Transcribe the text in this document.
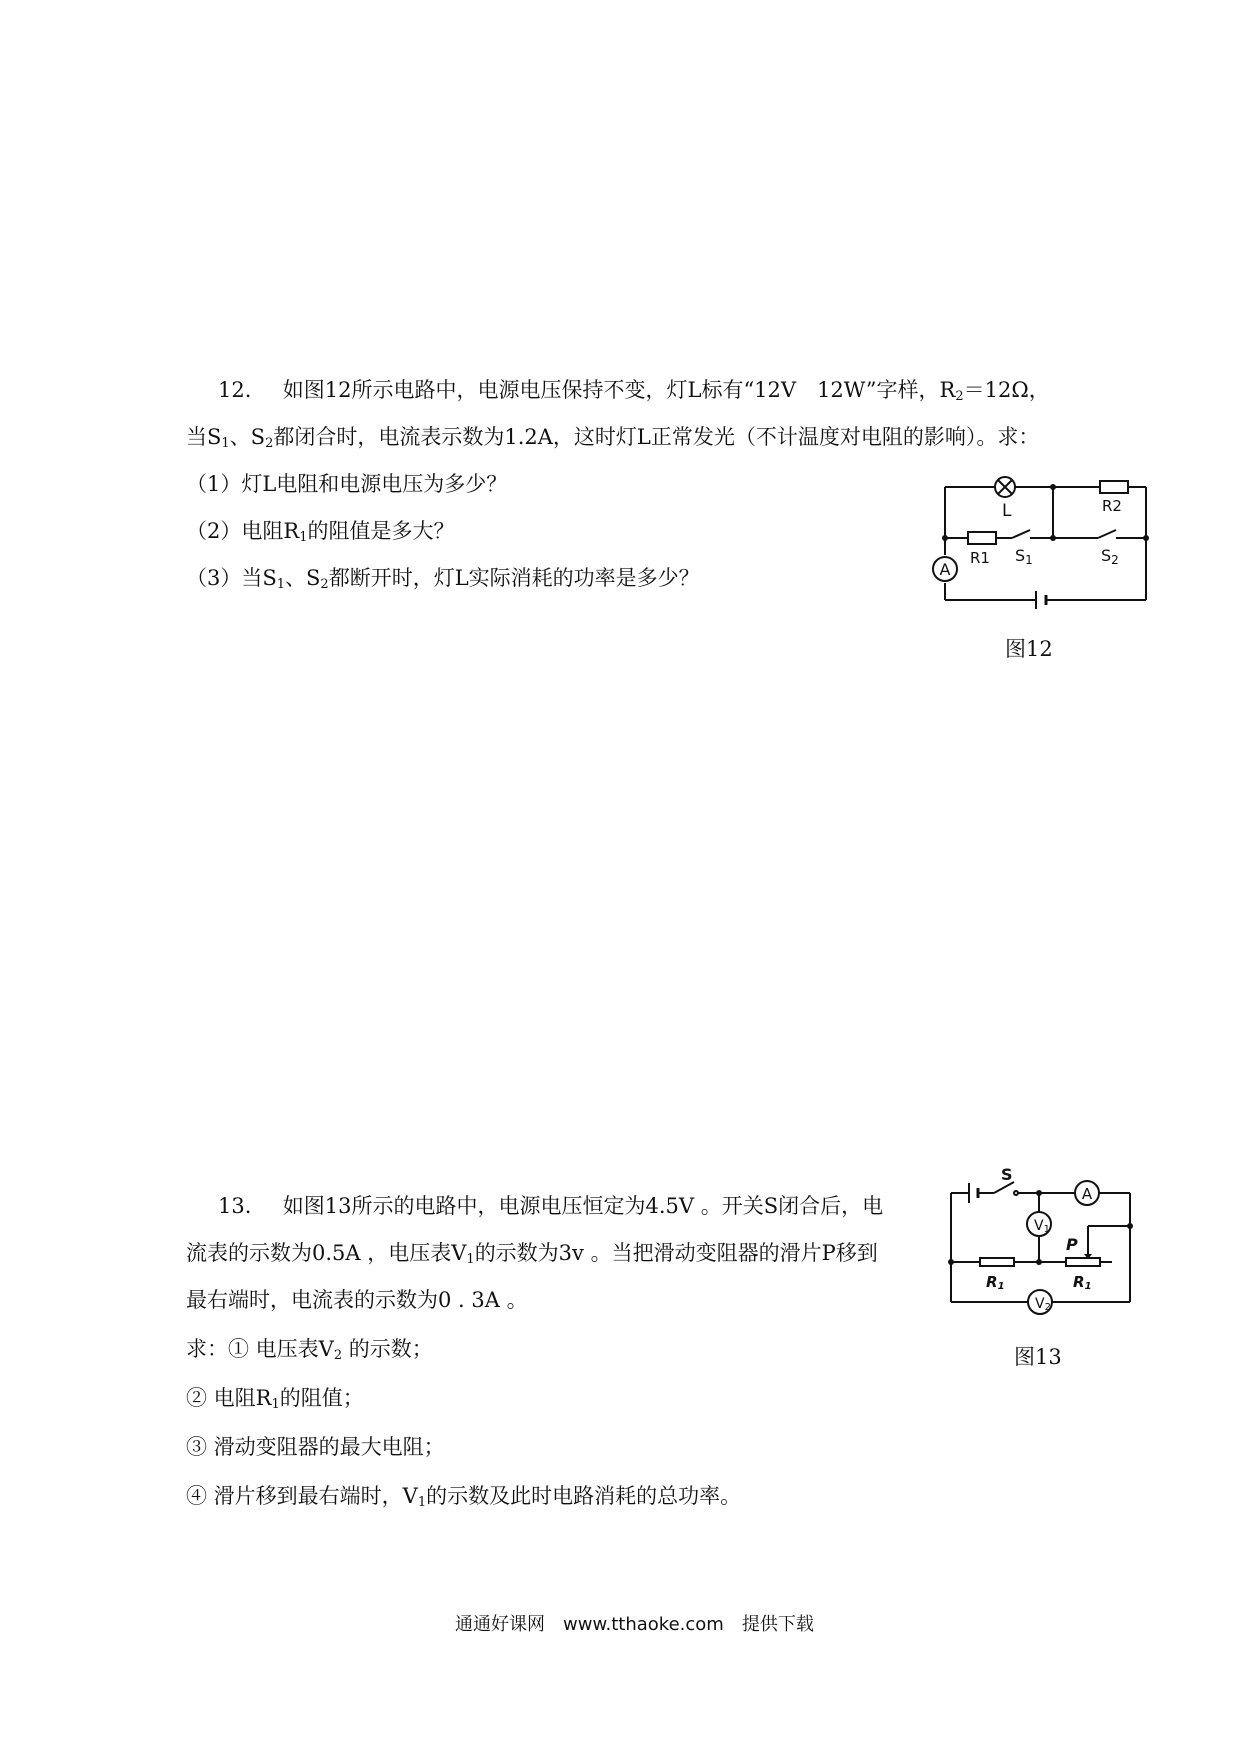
12. 如图12所示电路中，电源电压保持不变，灯L标有“12V　12W”字样，$R_2=12\Omega$，
当$S_1$、$S_2$都闭合时，电流表示数为1.2A，这时灯L正常发光（不计温度对电阻的影响）。求：
（1）灯L电阻和电源电压为多少？
（2）电阻$R_1$的阻值是多大？
（3）当$S_1$、$S_2$都断开时，灯L实际消耗的功率是多少？	A
L	R2
R1 S1	S2
图12
13. 如图13所示的电路中，电源电压恒定为4.5V 。开关S闭合后，电
流表的示数为0.5A ，电压表$V_1$的示数为3v 。当把滑动变阻器的滑片P移到
最右端时，电流表的示数为0 . 3A 。
求：① 电压表$V_2$ 的示数；
② 电阻$R_1$的阻值；
③ 滑动变阻器的最大电阻；
④ 滑片移到最右端时，$V_1$的示数及此时电路消耗的总功率。
A
V1
V2
S
P
R1	R1
图13
通通好课网　www.tthaoke.com　提供下载
